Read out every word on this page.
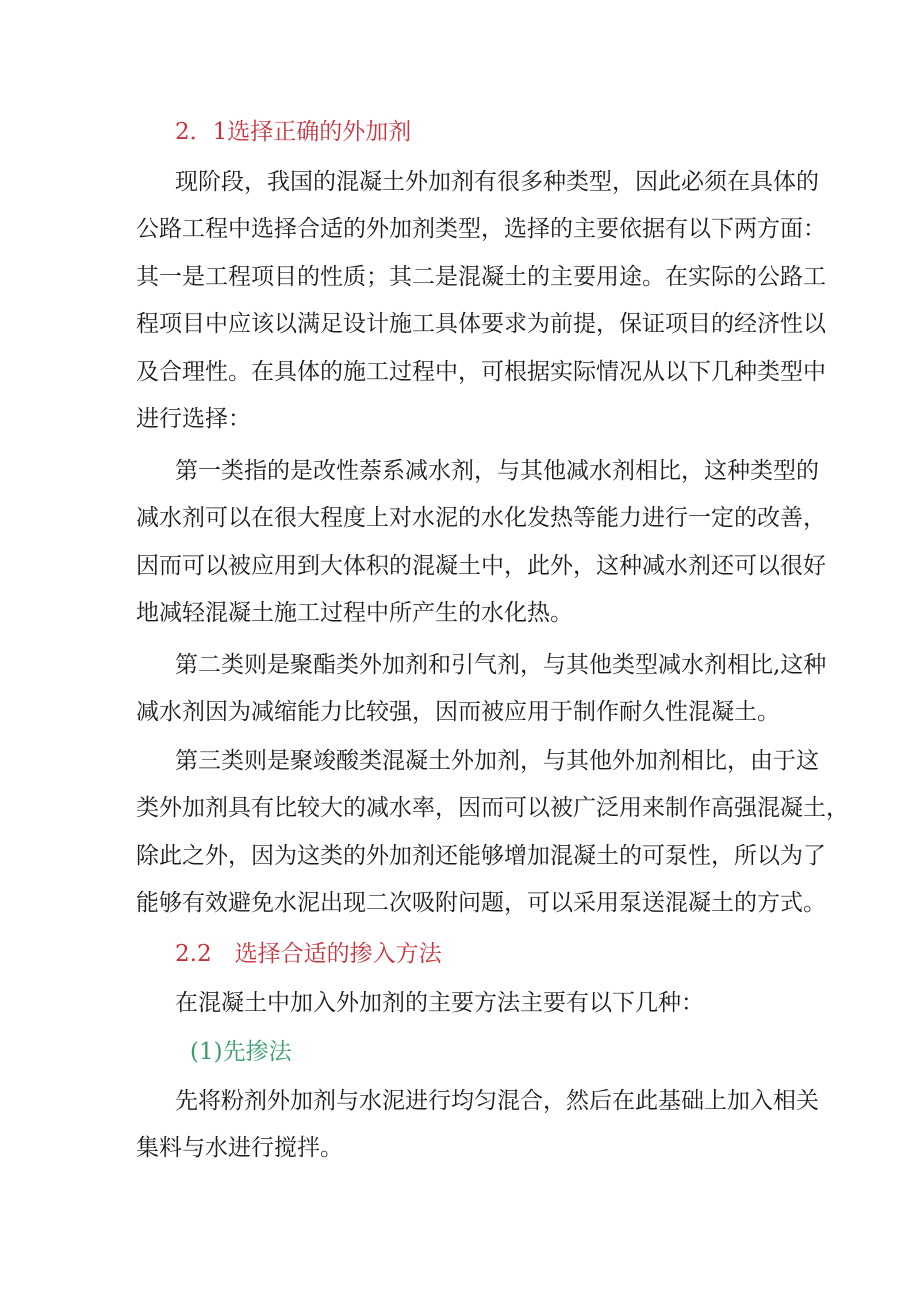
2．1选择正确的外加剂

现阶段，我国的混凝土外加剂有很多种类型，因此必须在具体的

公路工程中选择合适的外加剂类型，选择的主要依据有以下两方面：

其一是工程项目的性质；其二是混凝土的主要用途。在实际的公路工

程项目中应该以满足设计施工具体要求为前提，保证项目的经济性以

及合理性。在具体的施工过程中，可根据实际情况从以下几种类型中

进行选择：

第一类指的是改性萘系减水剂，与其他减水剂相比，这种类型的

减水剂可以在很大程度上对水泥的水化发热等能力进行一定的改善，

因而可以被应用到大体积的混凝土中，此外，这种减水剂还可以很好

地减轻混凝土施工过程中所产生的水化热。

第二类则是聚酯类外加剂和引气剂，与其他类型减水剂相比,这种

减水剂因为减缩能力比较强，因而被应用于制作耐久性混凝土。

第三类则是聚竣酸类混凝土外加剂，与其他外加剂相比，由于这

类外加剂具有比较大的减水率，因而可以被广泛用来制作高强混凝土，

除此之外，因为这类的外加剂还能够增加混凝土的可泵性，所以为了

能够有效避免水泥出现二次吸附问题，可以采用泵送混凝土的方式。

2.2　选择合适的掺入方法

在混凝土中加入外加剂的主要方法主要有以下几种：

(1)先掺法

先将粉剂外加剂与水泥进行均匀混合，然后在此基础上加入相关

集料与水进行搅拌。
